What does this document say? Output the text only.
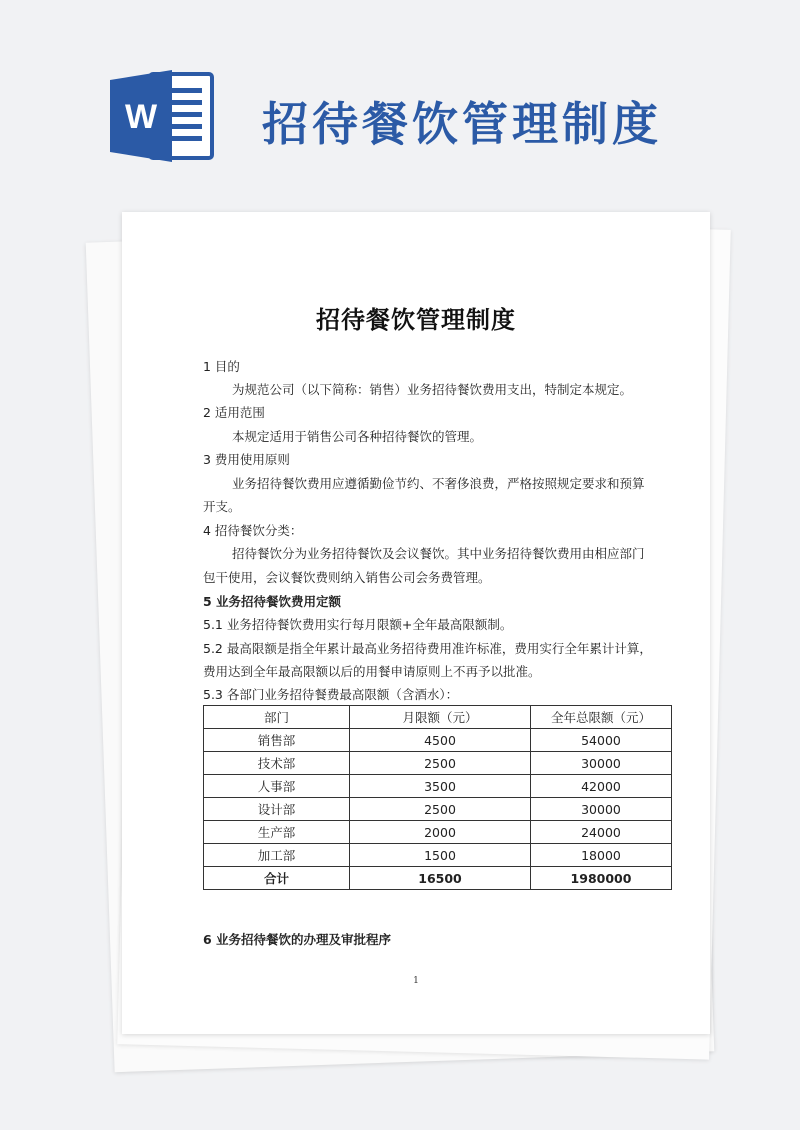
W 招待餐饮管理制度
招待餐饮管理制度
1 目的
为规范公司（以下简称：销售）业务招待餐饮费用支出，特制定本规定。
2 适用范围
本规定适用于销售公司各种招待餐饮的管理。
3 费用使用原则
业务招待餐饮费用应遵循勤俭节约、不奢侈浪费，严格按照规定要求和预算
开支。
4 招待餐饮分类：
招待餐饮分为业务招待餐饮及会议餐饮。其中业务招待餐饮费用由相应部门
包干使用，会议餐饮费则纳入销售公司会务费管理。
5 业务招待餐饮费用定额
5.1 业务招待餐饮费用实行每月限额+全年最高限额制。
5.2 最高限额是指全年累计最高业务招待费用准许标准，费用实行全年累计计算，
费用达到全年最高限额以后的用餐申请原则上不再予以批准。
5.3 各部门业务招待餐费最高限额（含酒水）：
部门	月限额（元）	全年总限额（元）
销售部	4500	54000
技术部	2500	30000
人事部	3500	42000
设计部	2500	30000
生产部	2000	24000
加工部	1500	18000
合计	16500	1980000
6 业务招待餐饮的办理及审批程序
1
